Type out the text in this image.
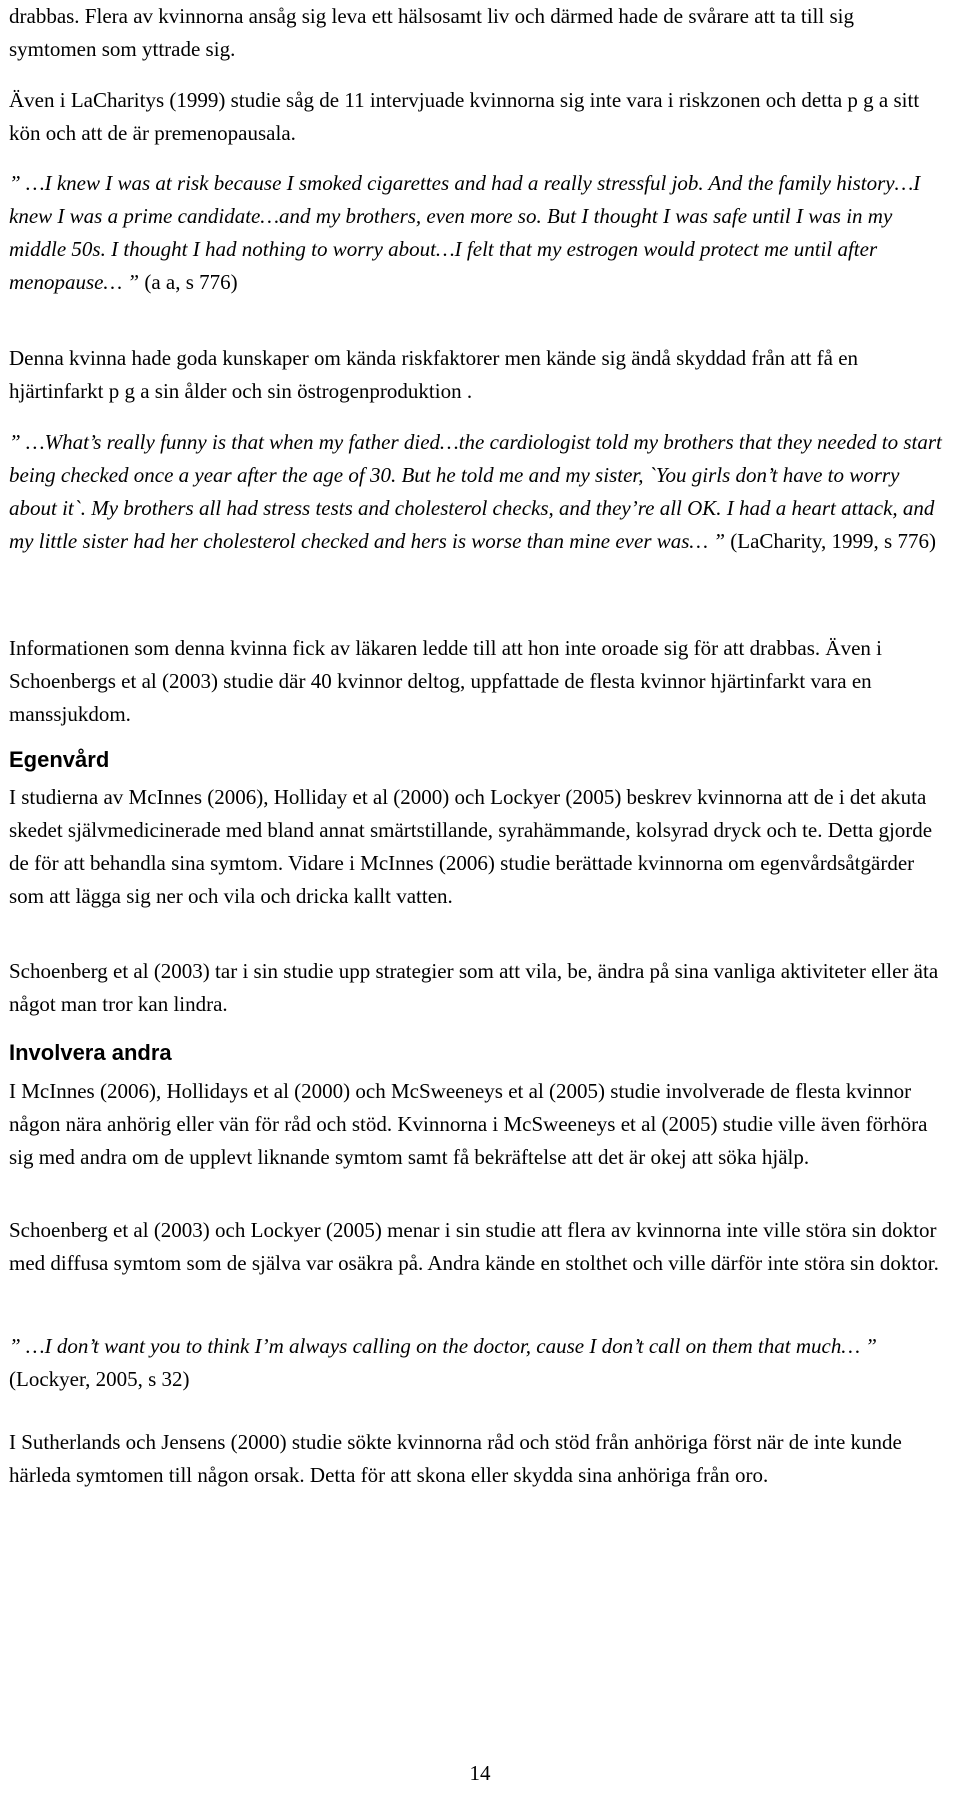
drabbas. Flera av kvinnorna ansåg sig leva ett hälsosamt liv och därmed hade de svårare att ta till sig symtomen som yttrade sig.

Även i LaCharitys (1999) studie såg de 11 intervjuade kvinnorna sig inte vara i riskzonen och detta p g a sitt kön och att de är premenopausala.

” …I knew I was at risk because I smoked cigarettes and had a really stressful job. And the family history…I knew I was a prime candidate…and my brothers, even more so. But I thought I was safe until I was in my middle 50s. I thought I had nothing to worry about…I felt that my estrogen would protect me until after menopause… ” (a a, s 776)

Denna kvinna hade goda kunskaper om kända riskfaktorer men kände sig ändå skyddad från att få en hjärtinfarkt p g a sin ålder och sin östrogenproduktion .

” …What’s really funny is that when my father died…the cardiologist told my brothers that they needed to start being checked once a year after the age of 30. But he told me and my sister, `You girls don’t have to worry about it`. My brothers all had stress tests and cholesterol checks, and they’re all OK. I had a heart attack, and my little sister had her cholesterol checked and hers is worse than mine ever was… ” (LaCharity, 1999, s 776)

Informationen som denna kvinna fick av läkaren ledde till att hon inte oroade sig för att drabbas. Även i Schoenbergs et al (2003) studie där 40 kvinnor deltog, uppfattade de flesta kvinnor hjärtinfarkt vara en manssjukdom.

Egenvård

I studierna av McInnes (2006), Holliday et al (2000) och Lockyer (2005) beskrev kvinnorna att de i det akuta skedet självmedicinerade med bland annat smärtstillande, syrahämmande, kolsyrad dryck och te. Detta gjorde de för att behandla sina symtom. Vidare i McInnes (2006) studie berättade kvinnorna om egenvårdsåtgärder som att lägga sig ner och vila och dricka kallt vatten.

Schoenberg et al (2003) tar i sin studie upp strategier som att vila, be, ändra på sina vanliga aktiviteter eller äta något man tror kan lindra.

Involvera andra

I McInnes (2006), Hollidays et al (2000) och McSweeneys et al (2005) studie involverade de flesta kvinnor någon nära anhörig eller vän för råd och stöd. Kvinnorna i McSweeneys et al (2005) studie ville även förhöra sig med andra om de upplevt liknande symtom samt få bekräftelse att det är okej att söka hjälp.

Schoenberg et al (2003) och Lockyer (2005) menar i sin studie att flera av kvinnorna inte ville störa sin doktor med diffusa symtom som de själva var osäkra på. Andra kände en stolthet och ville därför inte störa sin doktor.

” …I don’t want you to think I’m always calling on the doctor, cause I don’t call on them that much… ” (Lockyer, 2005, s 32)

I Sutherlands och Jensens (2000) studie sökte kvinnorna råd och stöd från anhöriga först när de inte kunde härleda symtomen till någon orsak. Detta för att skona eller skydda sina anhöriga från oro.

14
